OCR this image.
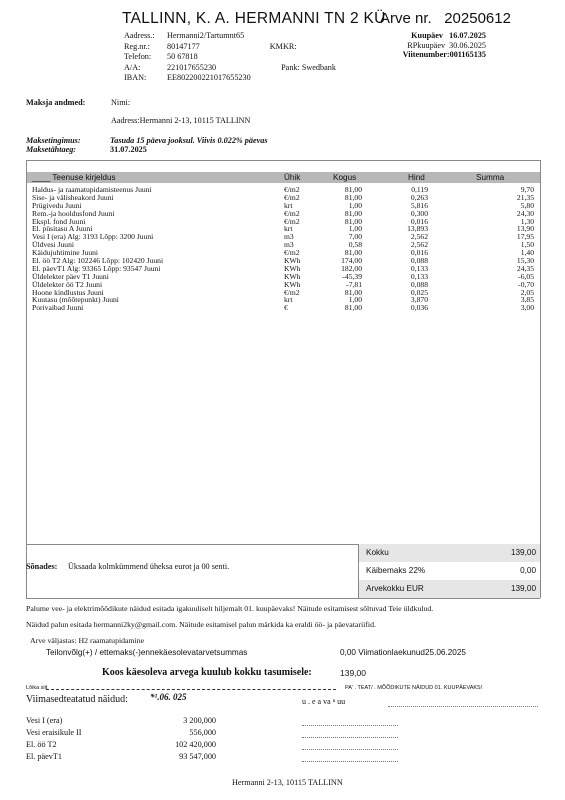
TALLINN, K. A. HERMANNI TN 2 KÜ
Arve nr. 20250612
Aadress.: Hermanni2/Tartumnt65
Reg.nr.: 80147177	KMKR:
Telefon: 50 67818
A/A:	221017655230	Pank: Swedbank
IBAN:	EE802200221017655230
Kuupäev 16.07.2025
RPkuupäev 30.06.2025
Viitenumber:001165135
Maksja andmed:	Nimi:
Aadress:Hermanni 2-13, 10115 TALLINN
Maksetingimus:	Tasuda 15 päeva jooksul. Viivis 0.022% päevas
Maksetähtaeg:	31.07.2025
____ Teenuse kirjeldus	Ühik	Kogus	Hind	Summa
Haldus- ja raamatupidamisteenus Juuni	€/m2	81,00	0,119	9,70
Sise- ja välisheakord Juuni	€/m2	81,00	0,263	21,35
Prügivedu Juuni	krt	1,00	5,816	5,80
Rem.-ja hooldusfond Juuni	€/m2	81,00	0,300	24,30
Ekspl. fond Juuni	€/m2	81,00	0,016	1,30
El. püsitasu A Juuni	krt	1,00	13,893	13,90
Vesi I (era) Alg: 3193 Lõpp: 3200 Juuni	m3	7,00	2,562	17,95
Üldvesi Juuni	m3	0,58	2,562	1,50
Käidujuhtimine Juuni	€/m2	81,00	0,016	1,40
El. öö T2 Alg: 102246 Lõpp: 102420 Juuni	KWh	174,00	0,088	15,30
El. päevT1 Alg: 93365 Lõpp: 93547 Juuni	KWh	182,00	0,133	24,35
Üldelekter päev T1 Juuni	KWh	-45,39	0,133	-6,05
Üldelekter öö T2 Juuni	KWh	-7,81	0,088	-0,70
Hoone kindlustus Juuni	€/m2	81,00	0,025	2,05
Kuutasu (mõõtepunkt) Juuni	krt	1,00	3,870	3,85
Porivaibad Juuni	€	81,00	0,036	3,00
Sõnades: Üksaada kolmkümmend üheksa eurot ja 00 senti.
Kokku	139,00
Käibemaks 22%	0,00
Arvekokku EUR	139,00
Palume vee- ja elektrimõõdikute näidud esitada igakuuliselt hiljemalt 01. kuupäevaks! Näitude esitamisest sõltuvad Teie üldkulud.
Näidud palun esitada hermanni2ky@gmail.com. Näitude esitamisel palun märkida ka eraldi öö- ja päevatariifid.
Arve väljastas: H2 raamatupidamine
Teilonvõlg(+) / ettemaks(-)ennekäesolevatarvetsummas	0,00 Viimationlaekunud25.06.2025
Koos käesoleva arvega kuulub kokku tasumisele:	139,00
Lõika siit	PA' . TEAT/ . MÕÕDIKUTE NÄIDUD 01. KUUPÄEVAKS!
Viimasedteatatud näidud: *¹.06. 025	u . e a va ⁿ uu
Vesi I (era)	3 200,000
Vesi eraisikule II	556,000
El. öö T2	102 420,000
El. päevT1	93 547,000
Hermanni 2-13, 10115 TALLINN
